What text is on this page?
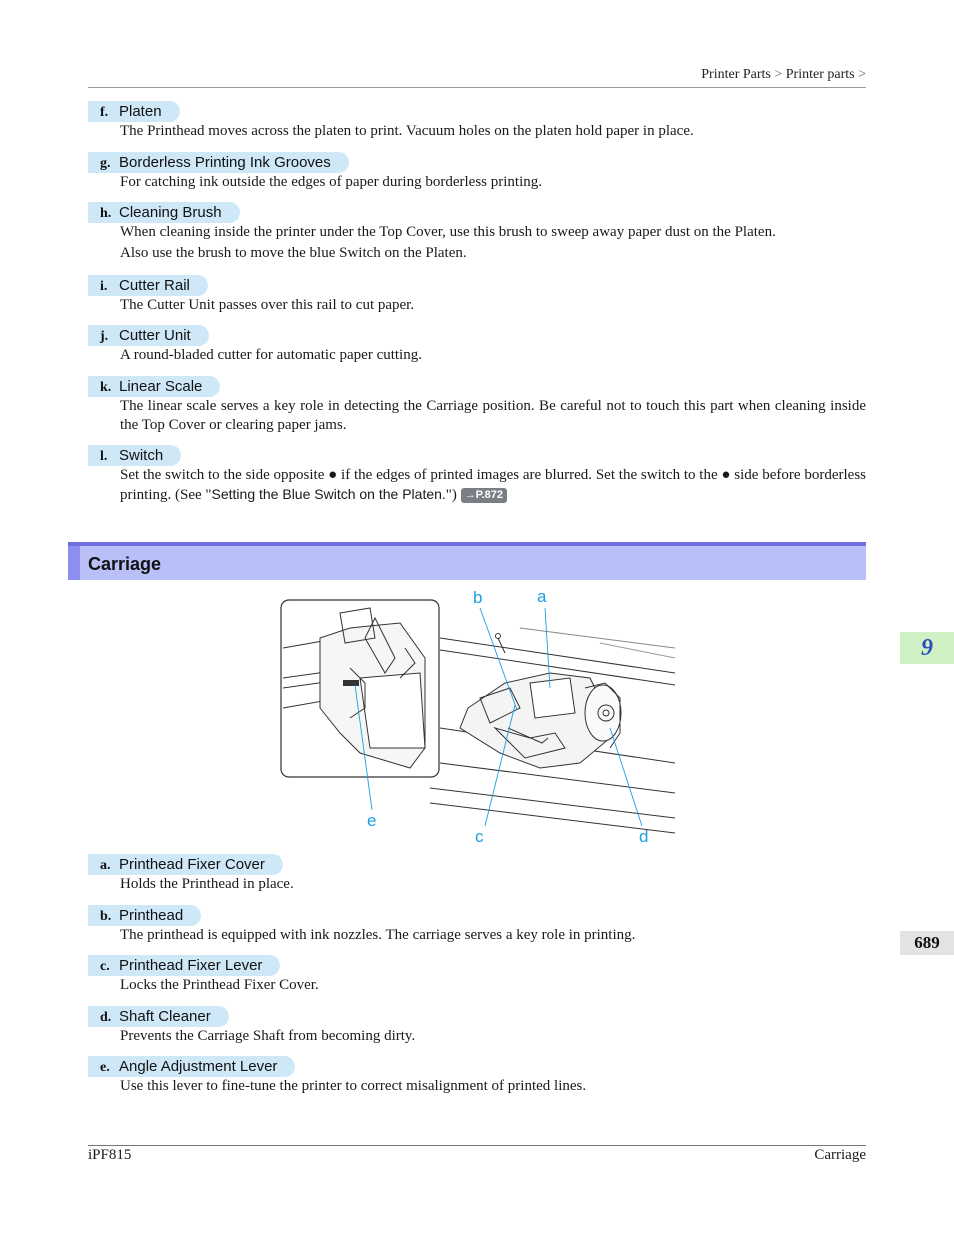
Printer Parts > Printer parts >
f. Platen

The Printhead moves across the platen to print. Vacuum holes on the platen hold paper in place.

g. Borderless Printing Ink Grooves

For catching ink outside the edges of paper during borderless printing.

h. Cleaning Brush

When cleaning inside the printer under the Top Cover, use this brush to sweep away paper dust on the Platen.

Also use the brush to move the blue Switch on the Platen.

i. Cutter Rail

The Cutter Unit passes over this rail to cut paper.

j. Cutter Unit

A round-bladed cutter for automatic paper cutting.

k. Linear Scale

The linear scale serves a key role in detecting the Carriage position. Be careful not to touch this part when cleaning inside the Top Cover or clearing paper jams.

l. Switch

Set the switch to the side opposite ● if the edges of printed images are blurred. Set the switch to the ● side before borderless printing. (See "Setting the Blue Switch on the Platen.") →P.872

Carriage
a
b
c	d
e
a. Printhead Fixer Cover

Holds the Printhead in place.

b. Printhead

The printhead is equipped with ink nozzles. The carriage serves a key role in printing.

c. Printhead Fixer Lever

Locks the Printhead Fixer Cover.

d. Shaft Cleaner

Prevents the Carriage Shaft from becoming dirty.

e. Angle Adjustment Lever

Use this lever to fine-tune the printer to correct misalignment of printed lines.

9
689
iPF815	Carriage
